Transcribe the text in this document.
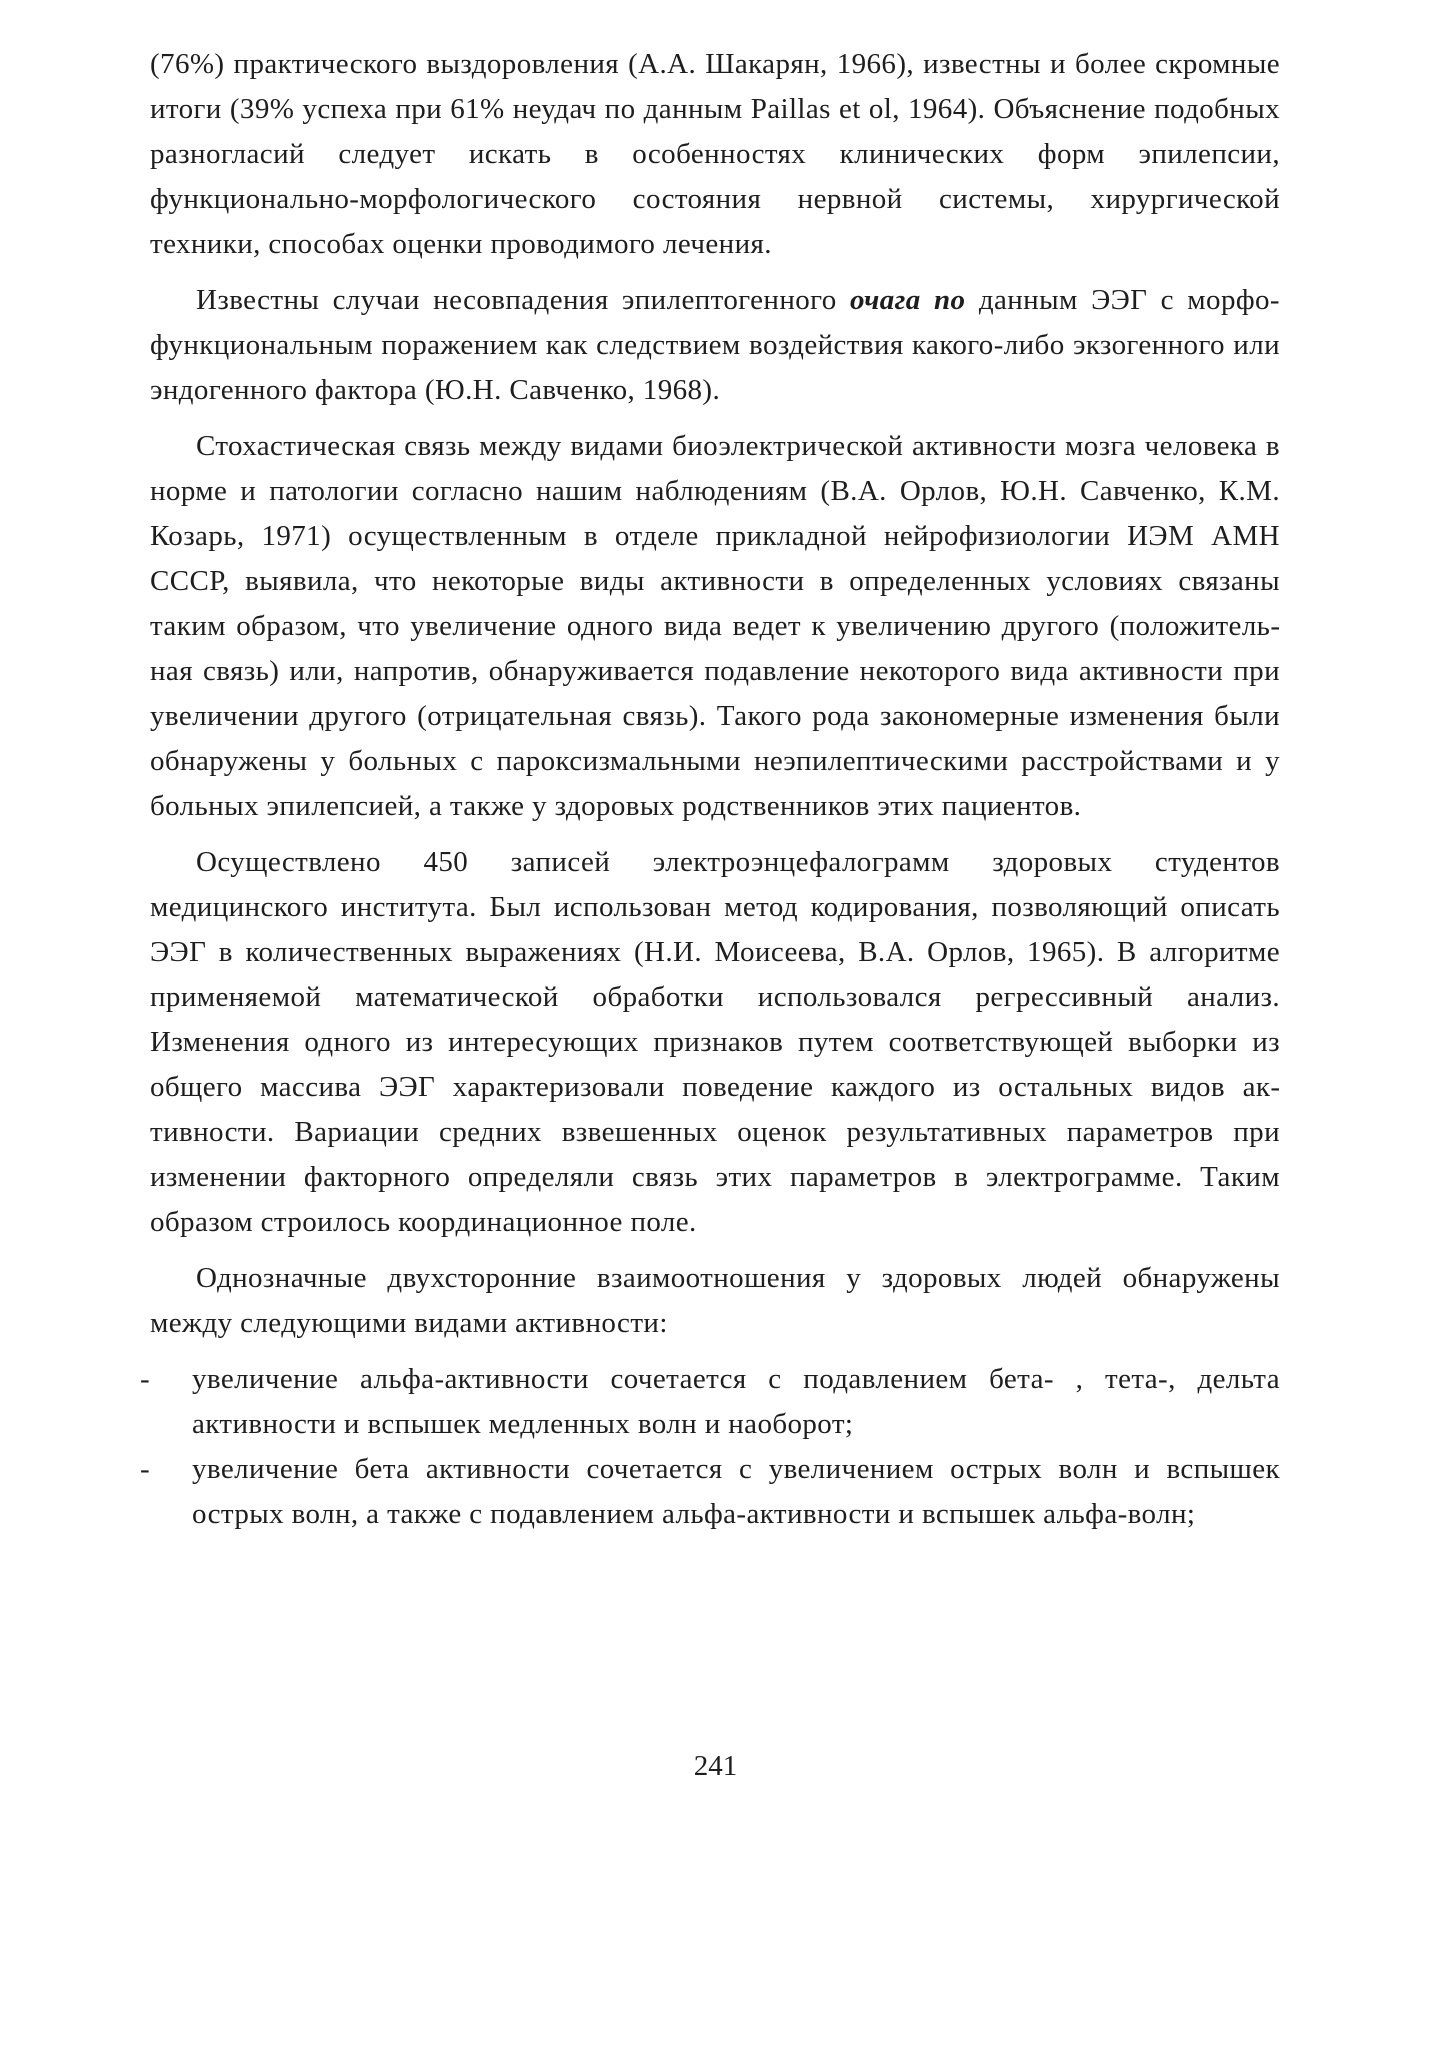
(76%) практического выздоровления (А.А. Шакарян, 1966), известны и более скромные итоги (39% успеха при 61% неудач по данным Paillas et ol, 1964). Объяснение подобных разногласий следует искать в особенностях клинических форм эпилепсии, функционально-морфологического состояния нервной системы, хирургической техники, способах оценки проводимого лечения.

Известны случаи несовпадения эпилептогенного очага по данным ЭЭГ с морфо-функциональным поражением как следствием воздействия какого-либо экзогенного или эндогенного фактора (Ю.Н. Савченко, 1968).

Стохастическая связь между видами биоэлектрической активности мозга человека в норме и патологии согласно нашим наблюдениям (В.А. Орлов, Ю.Н. Савченко, К.М. Козарь, 1971) осуществленным в отделе прикладной нейрофизиологии ИЭМ АМН СССР, выявила, что некоторые виды активности в определенных условиях связаны таким образом, что увеличение одного вида ведет к увеличению другого (положительная связь) или, напротив, обнаруживается подавление некоторого вида активности при увеличении другого (отрицательная связь). Такого рода закономерные изменения были обнаружены у больных с пароксизмальными неэпилептическими расстройствами и у больных эпилепсией, а также у здоровых родственников этих пациентов.

Осуществлено 450 записей электроэнцефалограмм здоровых студентов медицинского института. Был использован метод кодирования, позволяющий описать ЭЭГ в количественных выражениях (Н.И. Моисеева, В.А. Орлов, 1965). В алгоритме применяемой математической обработки использовался регрессивный анализ. Изменения одного из интересующих признаков путем соответствующей выборки из общего массива ЭЭГ характеризовали поведение каждого из остальных видов активности. Вариации средних взвешенных оценок результативных параметров при изменении факторного определяли связь этих параметров в электрограмме. Таким образом строилось координационное поле.

Однозначные двухсторонние взаимоотношения у здоровых людей обнаружены между следующими видами активности:

- увеличение альфа-активности сочетается с подавлением бета- , тета-, дельта активности и вспышек медленных волн и наоборот;
- увеличение бета активности сочетается с увеличением острых волн и вспышек острых волн, а также с подавлением альфа-активности и вспышек альфа-волн;
241
